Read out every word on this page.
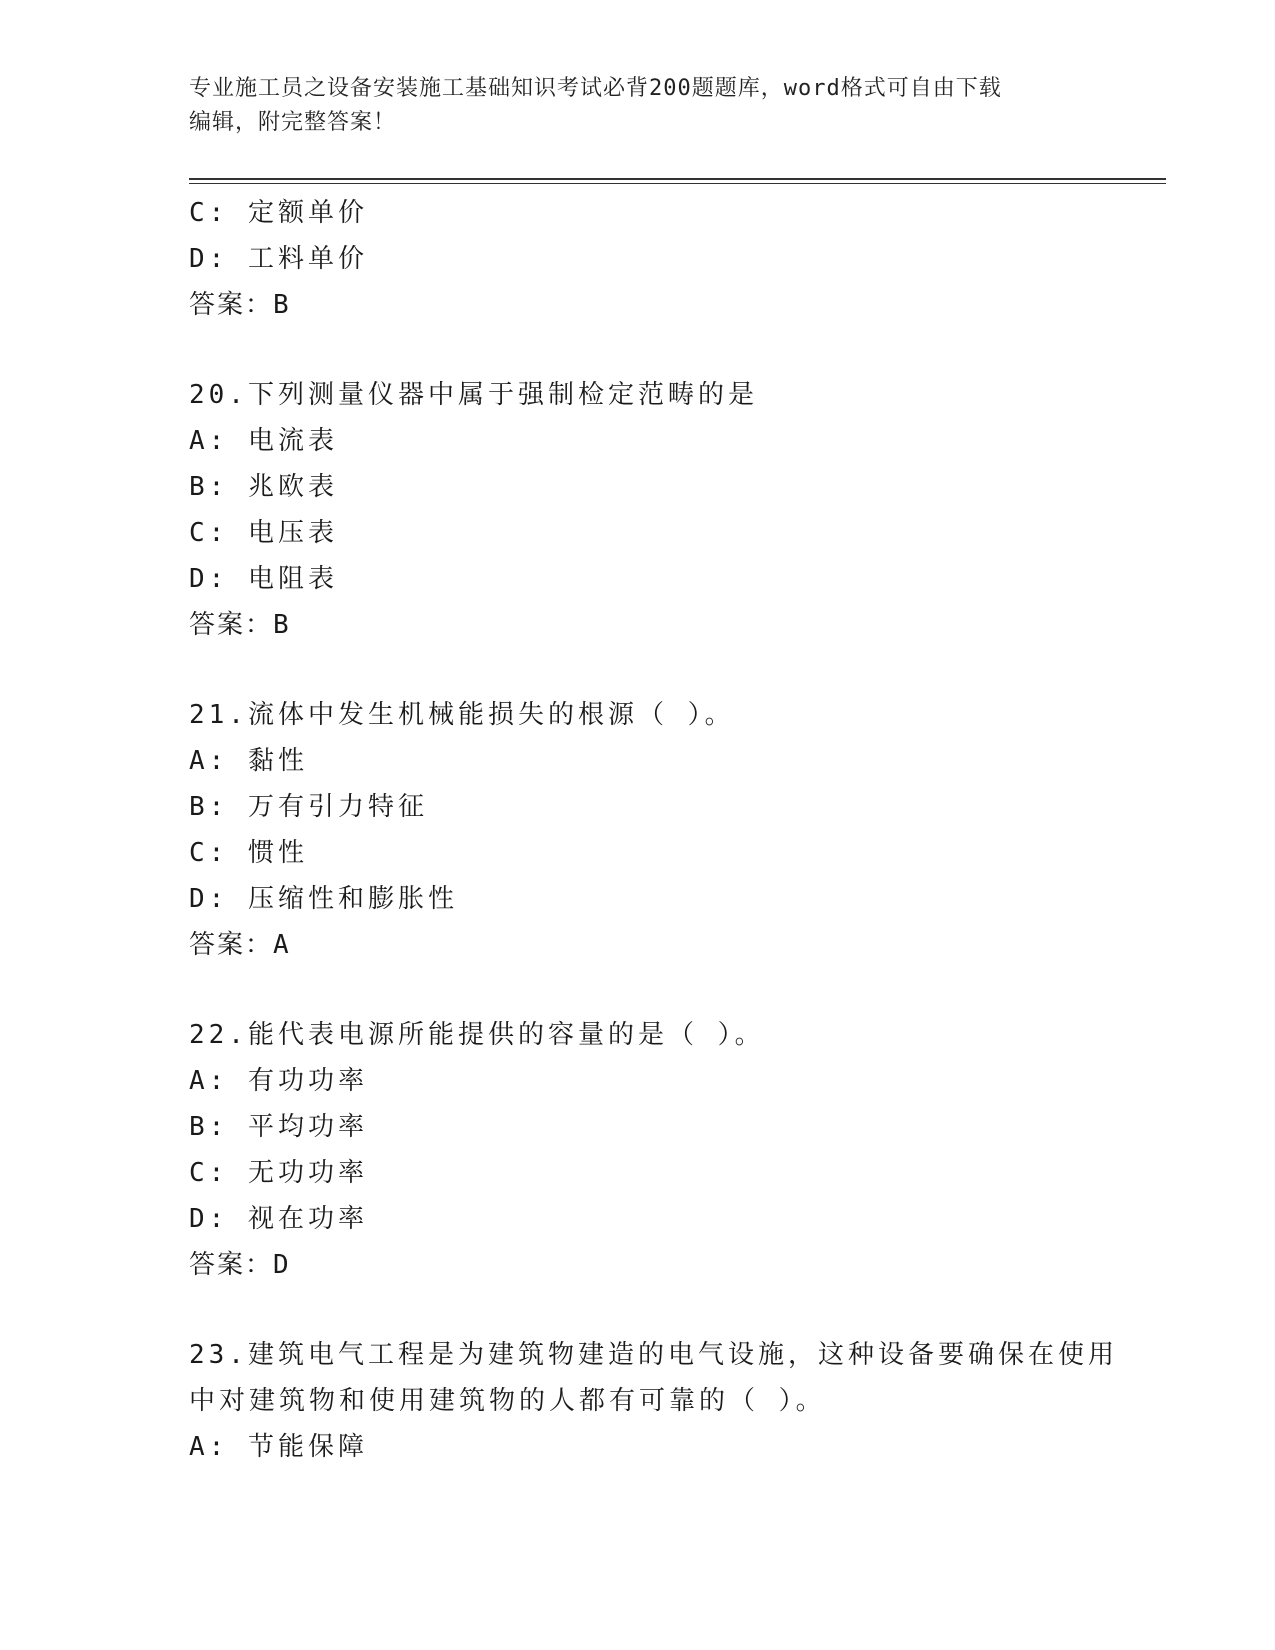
专业施工员之设备安装施工基础知识考试必背200题题库，word格式可自由下载
编辑，附完整答案！
C: 定额单价
D: 工料单价
答案：B
20.下列测量仪器中属于强制检定范畴的是
A: 电流表
B: 兆欧表
C: 电压表
D: 电阻表
答案：B
21.流体中发生机械能损失的根源（ ）。
A: 黏性
B: 万有引力特征
C: 惯性
D: 压缩性和膨胀性
答案：A
22.能代表电源所能提供的容量的是（ ）。
A: 有功功率
B: 平均功率
C: 无功功率
D: 视在功率
答案：D
23.建筑电气工程是为建筑物建造的电气设施，这种设备要确保在使用
中对建筑物和使用建筑物的人都有可靠的（ ）。
A: 节能保障
